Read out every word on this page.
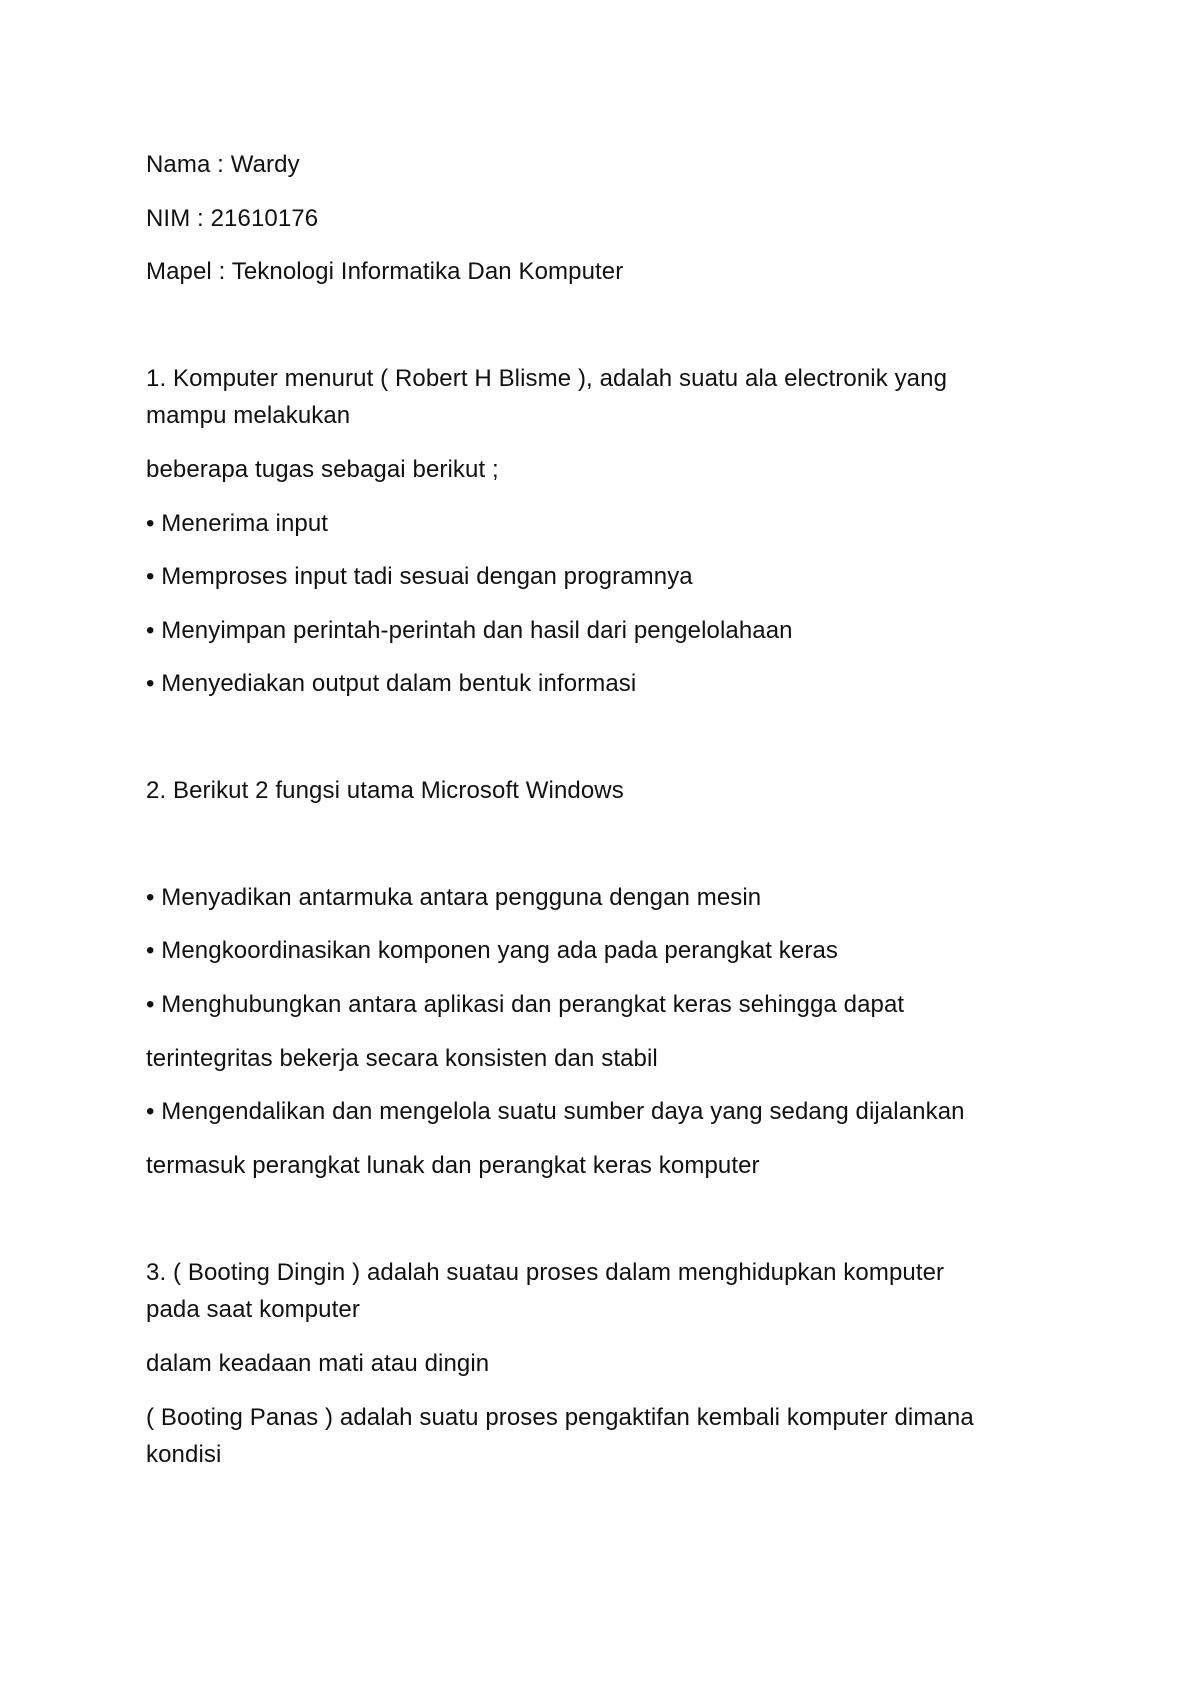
Nama : Wardy
NIM : 21610176
Mapel : Teknologi Informatika Dan Komputer
1. Komputer menurut ( Robert H Blisme ), adalah suatu ala electronik yang
mampu melakukan
beberapa tugas sebagai berikut ;
• Menerima input
• Memproses input tadi sesuai dengan programnya
• Menyimpan perintah-perintah dan hasil dari pengelolahaan
• Menyediakan output dalam bentuk informasi
2. Berikut 2 fungsi utama Microsoft Windows
• Menyadikan antarmuka antara pengguna dengan mesin
• Mengkoordinasikan komponen yang ada pada perangkat keras
• Menghubungkan antara aplikasi dan perangkat keras sehingga dapat
terintegritas bekerja secara konsisten dan stabil
• Mengendalikan dan mengelola suatu sumber daya yang sedang dijalankan
termasuk perangkat lunak dan perangkat keras komputer
3. ( Booting Dingin ) adalah suatau proses dalam menghidupkan komputer
pada saat komputer
dalam keadaan mati atau dingin
( Booting Panas ) adalah suatu proses pengaktifan kembali komputer dimana
kondisi
